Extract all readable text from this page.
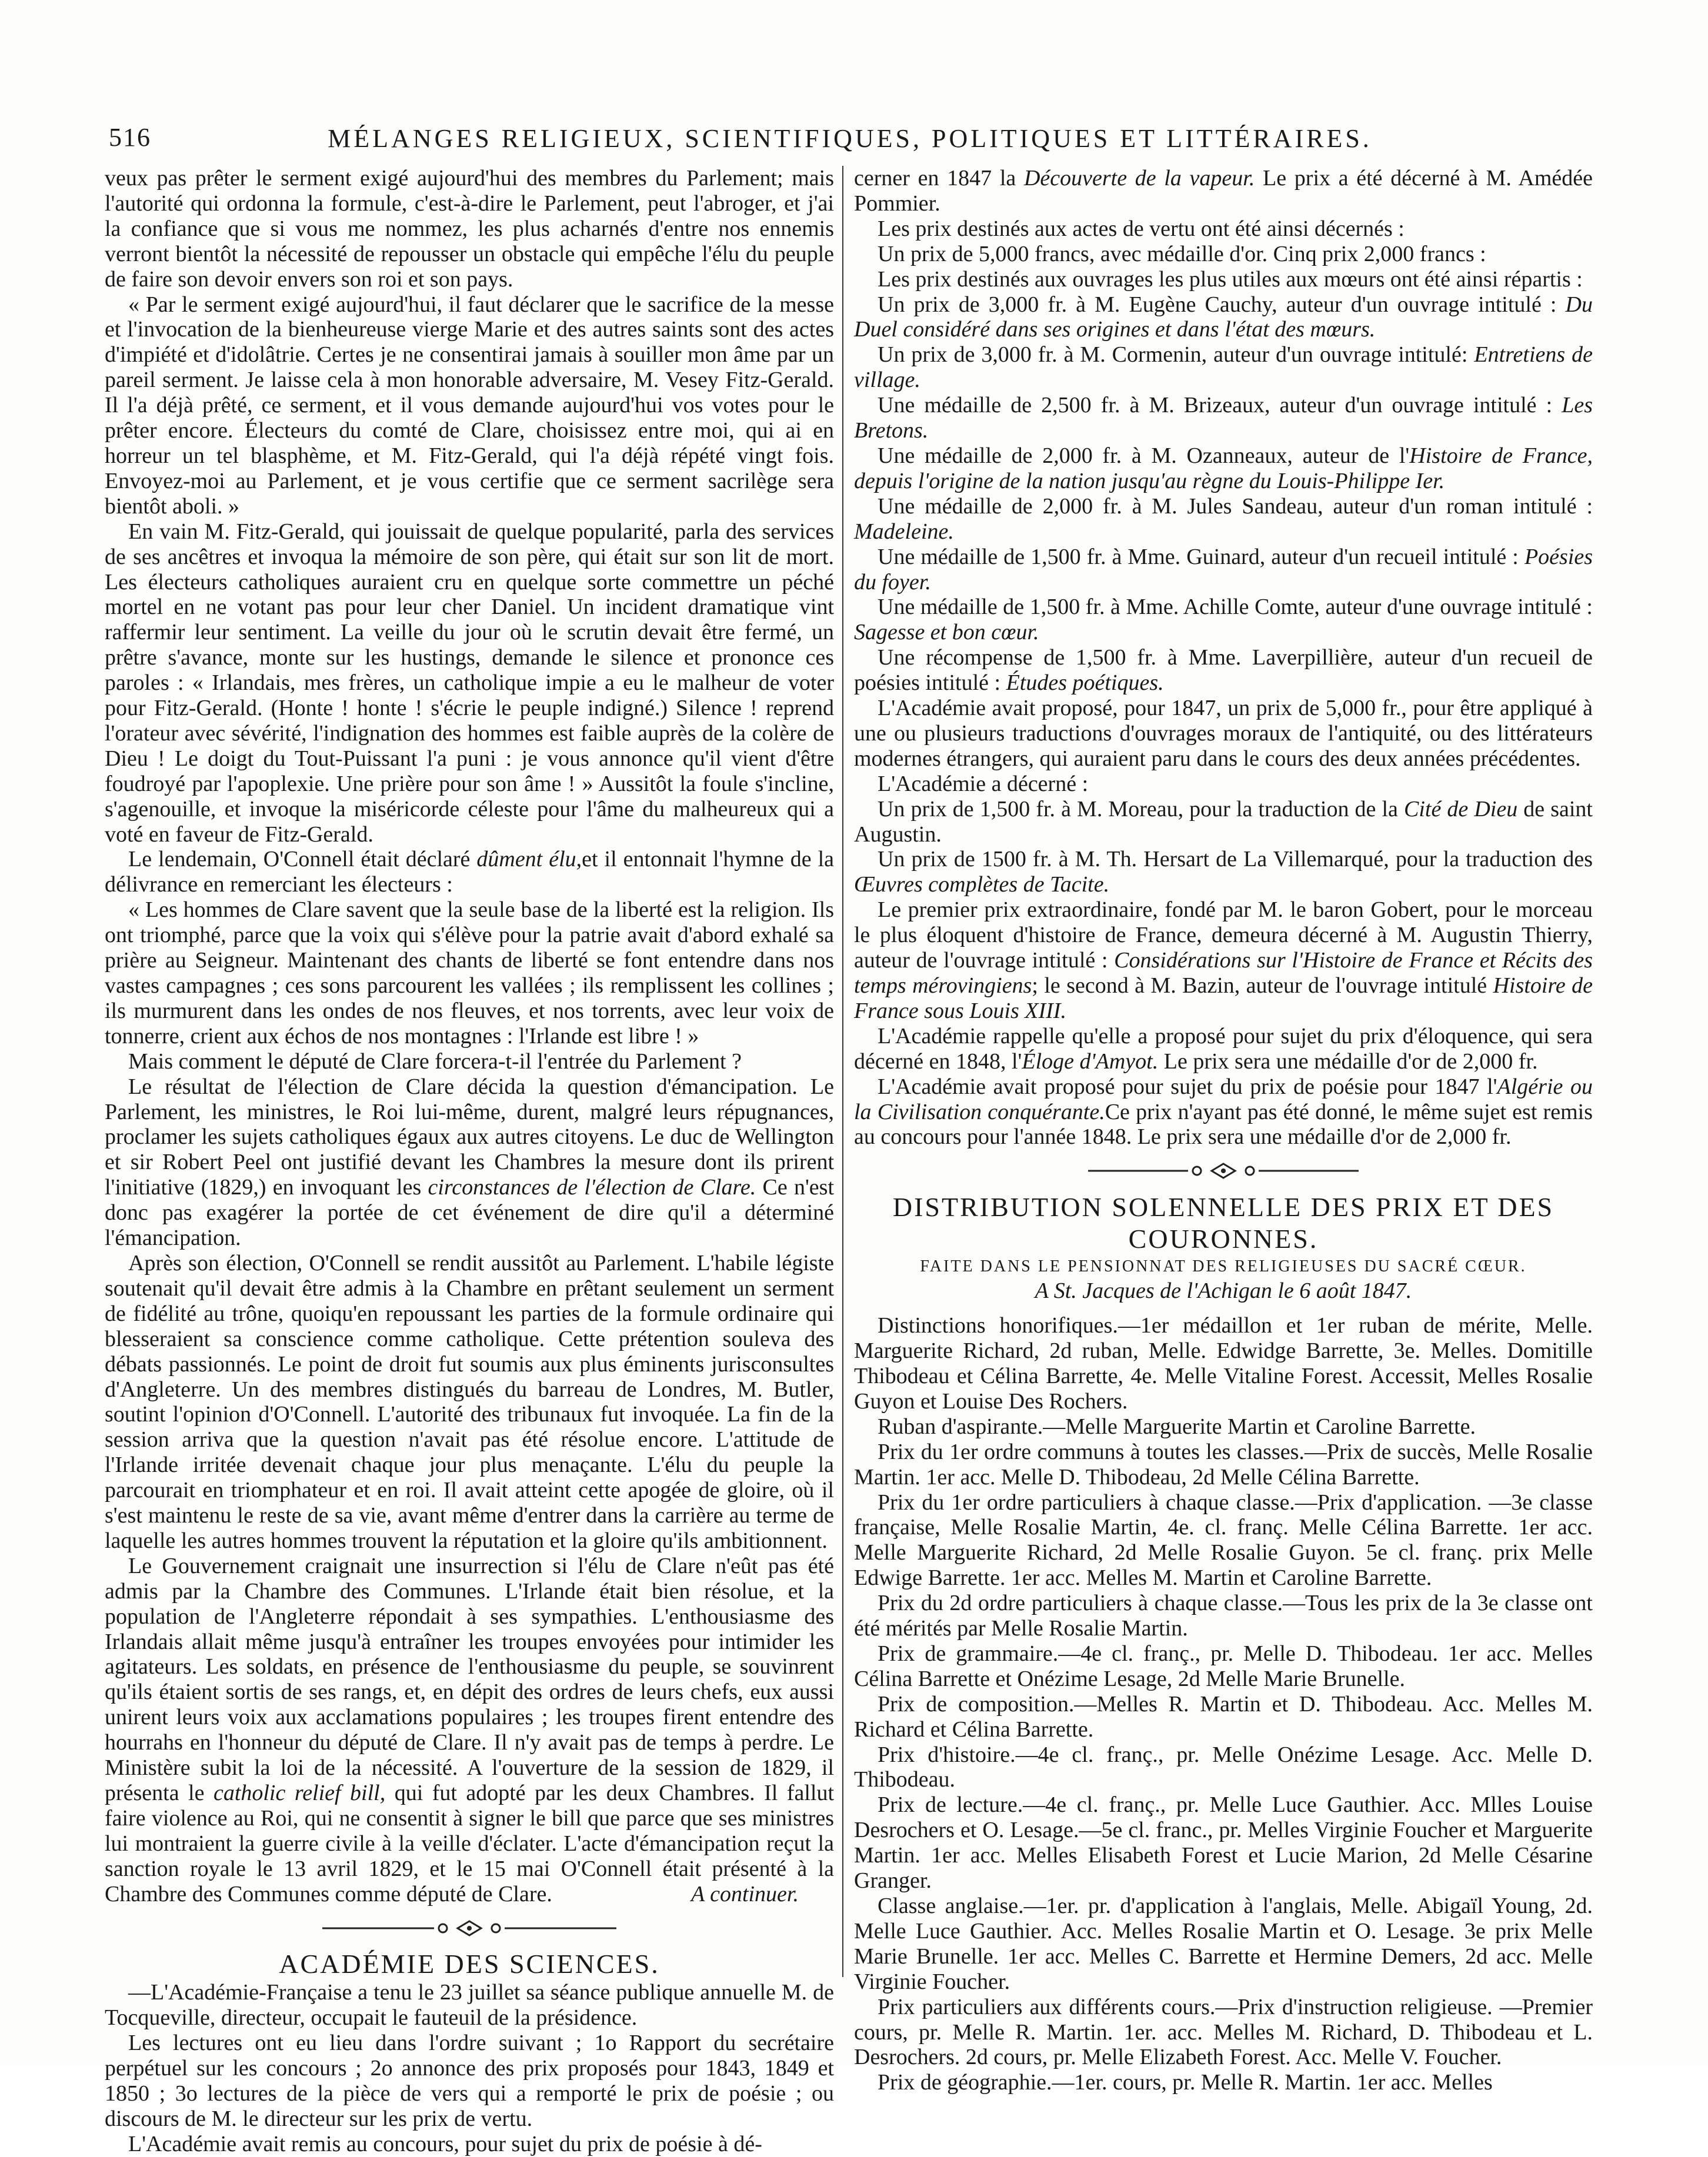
516	MÉLANGES RELIGIEUX, SCIENTIFIQUES, POLITIQUES ET LITTÉRAIRES.

veux pas prêter le serment exigé aujourd'hui des membres du Parlement; mais l'autorité qui ordonna la formule, c'est-à-dire le Parlement, peut l'abroger, et j'ai la confiance que si vous me nommez, les plus acharnés d'entre nos ennemis verront bientôt la nécessité de repousser un obstacle qui empêche l'élu du peuple de faire son devoir envers son roi et son pays.

« Par le serment exigé aujourd'hui, il faut déclarer que le sacrifice de la messe et l'invocation de la bienheureuse vierge Marie et des autres saints sont des actes d'impiété et d'idolâtrie. Certes je ne consentirai jamais à souiller mon âme par un pareil serment. Je laisse cela à mon honorable adversaire, M. Vesey Fitz-Gerald. Il l'a déjà prêté, ce serment, et il vous demande aujourd'hui vos votes pour le prêter encore. Électeurs du comté de Clare, choisissez entre moi, qui ai en horreur un tel blasphème, et M. Fitz-Gerald, qui l'a déjà répété vingt fois. Envoyez-moi au Parlement, et je vous certifie que ce serment sacrilège sera bientôt aboli. »

En vain M. Fitz-Gerald, qui jouissait de quelque popularité, parla des services de ses ancêtres et invoqua la mémoire de son père, qui était sur son lit de mort. Les électeurs catholiques auraient cru en quelque sorte commettre un péché mortel en ne votant pas pour leur cher Daniel. Un incident dramatique vint raffermir leur sentiment. La veille du jour où le scrutin devait être fermé, un prêtre s'avance, monte sur les hustings, demande le silence et prononce ces paroles : « Irlandais, mes frères, un catholique impie a eu le malheur de voter pour Fitz-Gerald. (Honte ! honte ! s'écrie le peuple indigné.) Silence ! reprend l'orateur avec sévérité, l'indignation des hommes est faible auprès de la colère de Dieu ! Le doigt du Tout-Puissant l'a puni : je vous annonce qu'il vient d'être foudroyé par l'apoplexie. Une prière pour son âme ! » Aussitôt la foule s'incline, s'agenouille, et invoque la miséricorde céleste pour l'âme du malheureux qui a voté en faveur de Fitz-Gerald.

Le lendemain, O'Connell était déclaré dûment élu,et il entonnait l'hymne de la délivrance en remerciant les électeurs :

« Les hommes de Clare savent que la seule base de la liberté est la religion. Ils ont triomphé, parce que la voix qui s'élève pour la patrie avait d'abord exhalé sa prière au Seigneur. Maintenant des chants de liberté se font entendre dans nos vastes campagnes ; ces sons parcourent les vallées ; ils remplissent les collines ; ils murmurent dans les ondes de nos fleuves, et nos torrents, avec leur voix de tonnerre, crient aux échos de nos montagnes : l'Irlande est libre ! »

Mais comment le député de Clare forcera-t-il l'entrée du Parlement ?

Le résultat de l'élection de Clare décida la question d'émancipation. Le Parlement, les ministres, le Roi lui-même, durent, malgré leurs répugnances, proclamer les sujets catholiques égaux aux autres citoyens. Le duc de Wellington et sir Robert Peel ont justifié devant les Chambres la mesure dont ils prirent l'initiative (1829,) en invoquant les circonstances de l'élection de Clare. Ce n'est donc pas exagérer la portée de cet événement de dire qu'il a déterminé l'émancipation.

Après son élection, O'Connell se rendit aussitôt au Parlement. L'habile légiste soutenait qu'il devait être admis à la Chambre en prêtant seulement un serment de fidélité au trône, quoiqu'en repoussant les parties de la formule ordinaire qui blesseraient sa conscience comme catholique. Cette prétention souleva des débats passionnés. Le point de droit fut soumis aux plus éminents jurisconsultes d'Angleterre. Un des membres distingués du barreau de Londres, M. Butler, soutint l'opinion d'O'Connell. L'autorité des tribunaux fut invoquée. La fin de la session arriva que la question n'avait pas été résolue encore. L'attitude de l'Irlande irritée devenait chaque jour plus menaçante. L'élu du peuple la parcourait en triomphateur et en roi. Il avait atteint cette apogée de gloire, où il s'est maintenu le reste de sa vie, avant même d'entrer dans la carrière au terme de laquelle les autres hommes trouvent la réputation et la gloire qu'ils ambitionnent.

Le Gouvernement craignait une insurrection si l'élu de Clare n'eût pas été admis par la Chambre des Communes. L'Irlande était bien résolue, et la population de l'Angleterre répondait à ses sympathies. L'enthousiasme des Irlandais allait même jusqu'à entraîner les troupes envoyées pour intimider les agitateurs. Les soldats, en présence de l'enthousiasme du peuple, se souvinrent qu'ils étaient sortis de ses rangs, et, en dépit des ordres de leurs chefs, eux aussi unirent leurs voix aux acclamations populaires ; les troupes firent entendre des hourrahs en l'honneur du député de Clare. Il n'y avait pas de temps à perdre. Le Ministère subit la loi de la nécessité. A l'ouverture de la session de 1829, il présenta le catholic relief bill, qui fut adopté par les deux Chambres. Il fallut faire violence au Roi, qui ne consentit à signer le bill que parce que ses ministres lui montraient la guerre civile à la veille d'éclater. L'acte d'émancipation reçut la sanction royale le 13 avril 1829, et le 15 mai O'Connell était présenté à la Chambre des Communes comme député de Clare.	A continuer.

ACADÉMIE DES SCIENCES.

—L'Académie-Française a tenu le 23 juillet sa séance publique annuelle M. de Tocqueville, directeur, occupait le fauteuil de la présidence.

Les lectures ont eu lieu dans l'ordre suivant ; 1o Rapport du secrétaire perpétuel sur les concours ; 2o annonce des prix proposés pour 1843, 1849 et 1850 ; 3o lectures de la pièce de vers qui a remporté le prix de poésie ; ou discours de M. le directeur sur les prix de vertu.

L'Académie avait remis au concours, pour sujet du prix de poésie à dé-

cerner en 1847 la Découverte de la vapeur. Le prix a été décerné à M. Amédée Pommier.

Les prix destinés aux actes de vertu ont été ainsi décernés :

Un prix de 5,000 francs, avec médaille d'or. Cinq prix 2,000 francs :

Les prix destinés aux ouvrages les plus utiles aux mœurs ont été ainsi répartis :

Un prix de 3,000 fr. à M. Eugène Cauchy, auteur d'un ouvrage intitulé : Du Duel considéré dans ses origines et dans l'état des mœurs.

Un prix de 3,000 fr. à M. Cormenin, auteur d'un ouvrage intitulé: Entretiens de village.

Une médaille de 2,500 fr. à M. Brizeaux, auteur d'un ouvrage intitulé : Les Bretons.

Une médaille de 2,000 fr. à M. Ozanneaux, auteur de l'Histoire de France, depuis l'origine de la nation jusqu'au règne du Louis-Philippe Ier.

Une médaille de 2,000 fr. à M. Jules Sandeau, auteur d'un roman intitulé : Madeleine.

Une médaille de 1,500 fr. à Mme. Guinard, auteur d'un recueil intitulé : Poésies du foyer.

Une médaille de 1,500 fr. à Mme. Achille Comte, auteur d'une ouvrage intitulé : Sagesse et bon cœur.

Une récompense de 1,500 fr. à Mme. Laverpillière, auteur d'un recueil de poésies intitulé : Études poétiques.

L'Académie avait proposé, pour 1847, un prix de 5,000 fr., pour être appliqué à une ou plusieurs traductions d'ouvrages moraux de l'antiquité, ou des littérateurs modernes étrangers, qui auraient paru dans le cours des deux années précédentes.

L'Académie a décerné :

Un prix de 1,500 fr. à M. Moreau, pour la traduction de la Cité de Dieu de saint Augustin.

Un prix de 1500 fr. à M. Th. Hersart de La Villemarqué, pour la traduction des Œuvres complètes de Tacite.

Le premier prix extraordinaire, fondé par M. le baron Gobert, pour le morceau le plus éloquent d'histoire de France, demeura décerné à M. Augustin Thierry, auteur de l'ouvrage intitulé : Considérations sur l'Histoire de France et Récits des temps mérovingiens; le second à M. Bazin, auteur de l'ouvrage intitulé Histoire de France sous Louis XIII.

L'Académie rappelle qu'elle a proposé pour sujet du prix d'éloquence, qui sera décerné en 1848, l'Éloge d'Amyot. Le prix sera une médaille d'or de 2,000 fr.

L'Académie avait proposé pour sujet du prix de poésie pour 1847 l'Algérie ou la Civilisation conquérante.Ce prix n'ayant pas été donné, le même sujet est remis au concours pour l'année 1848. Le prix sera une médaille d'or de 2,000 fr.

DISTRIBUTION SOLENNELLE DES PRIX ET DES COURONNES.

FAITE DANS LE PENSIONNAT DES RELIGIEUSES DU SACRÉ CŒUR.

A St. Jacques de l'Achigan le 6 août 1847.

Distinctions honorifiques.—1er médaillon et 1er ruban de mérite, Melle. Marguerite Richard, 2d ruban, Melle. Edwidge Barrette, 3e. Melles. Domitille Thibodeau et Célina Barrette, 4e. Melle Vitaline Forest. Accessit, Melles Rosalie Guyon et Louise Des Rochers.

Ruban d'aspirante.—Melle Marguerite Martin et Caroline Barrette.

Prix du 1er ordre communs à toutes les classes.—Prix de succès, Melle Rosalie Martin. 1er acc. Melle D. Thibodeau, 2d Melle Célina Barrette.

Prix du 1er ordre particuliers à chaque classe.—Prix d'application. —3e classe française, Melle Rosalie Martin, 4e. cl. franç. Melle Célina Barrette. 1er acc. Melle Marguerite Richard, 2d Melle Rosalie Guyon. 5e cl. franç. prix Melle Edwige Barrette. 1er acc. Melles M. Martin et Caroline Barrette.

Prix du 2d ordre particuliers à chaque classe.—Tous les prix de la 3e classe ont été mérités par Melle Rosalie Martin.

Prix de grammaire.—4e cl. franç., pr. Melle D. Thibodeau. 1er acc. Melles Célina Barrette et Onézime Lesage, 2d Melle Marie Brunelle.

Prix de composition.—Melles R. Martin et D. Thibodeau. Acc. Melles M. Richard et Célina Barrette.

Prix d'histoire.—4e cl. franç., pr. Melle Onézime Lesage. Acc. Melle D. Thibodeau.

Prix de lecture.—4e cl. franç., pr. Melle Luce Gauthier. Acc. Mlles Louise Desrochers et O. Lesage.—5e cl. franc., pr. Melles Virginie Foucher et Marguerite Martin. 1er acc. Melles Elisabeth Forest et Lucie Marion, 2d Melle Césarine Granger.

Classe anglaise.—1er. pr. d'application à l'anglais, Melle. Abigaïl Young, 2d. Melle Luce Gauthier. Acc. Melles Rosalie Martin et O. Lesage. 3e prix Melle Marie Brunelle. 1er acc. Melles C. Barrette et Hermine Demers, 2d acc. Melle Virginie Foucher.

Prix particuliers aux différents cours.—Prix d'instruction religieuse. —Premier cours, pr. Melle R. Martin. 1er. acc. Melles M. Richard, D. Thibodeau et L. Desrochers. 2d cours, pr. Melle Elizabeth Forest. Acc. Melle V. Foucher.

Prix de géographie.—1er. cours, pr. Melle R. Martin. 1er acc. Melles
